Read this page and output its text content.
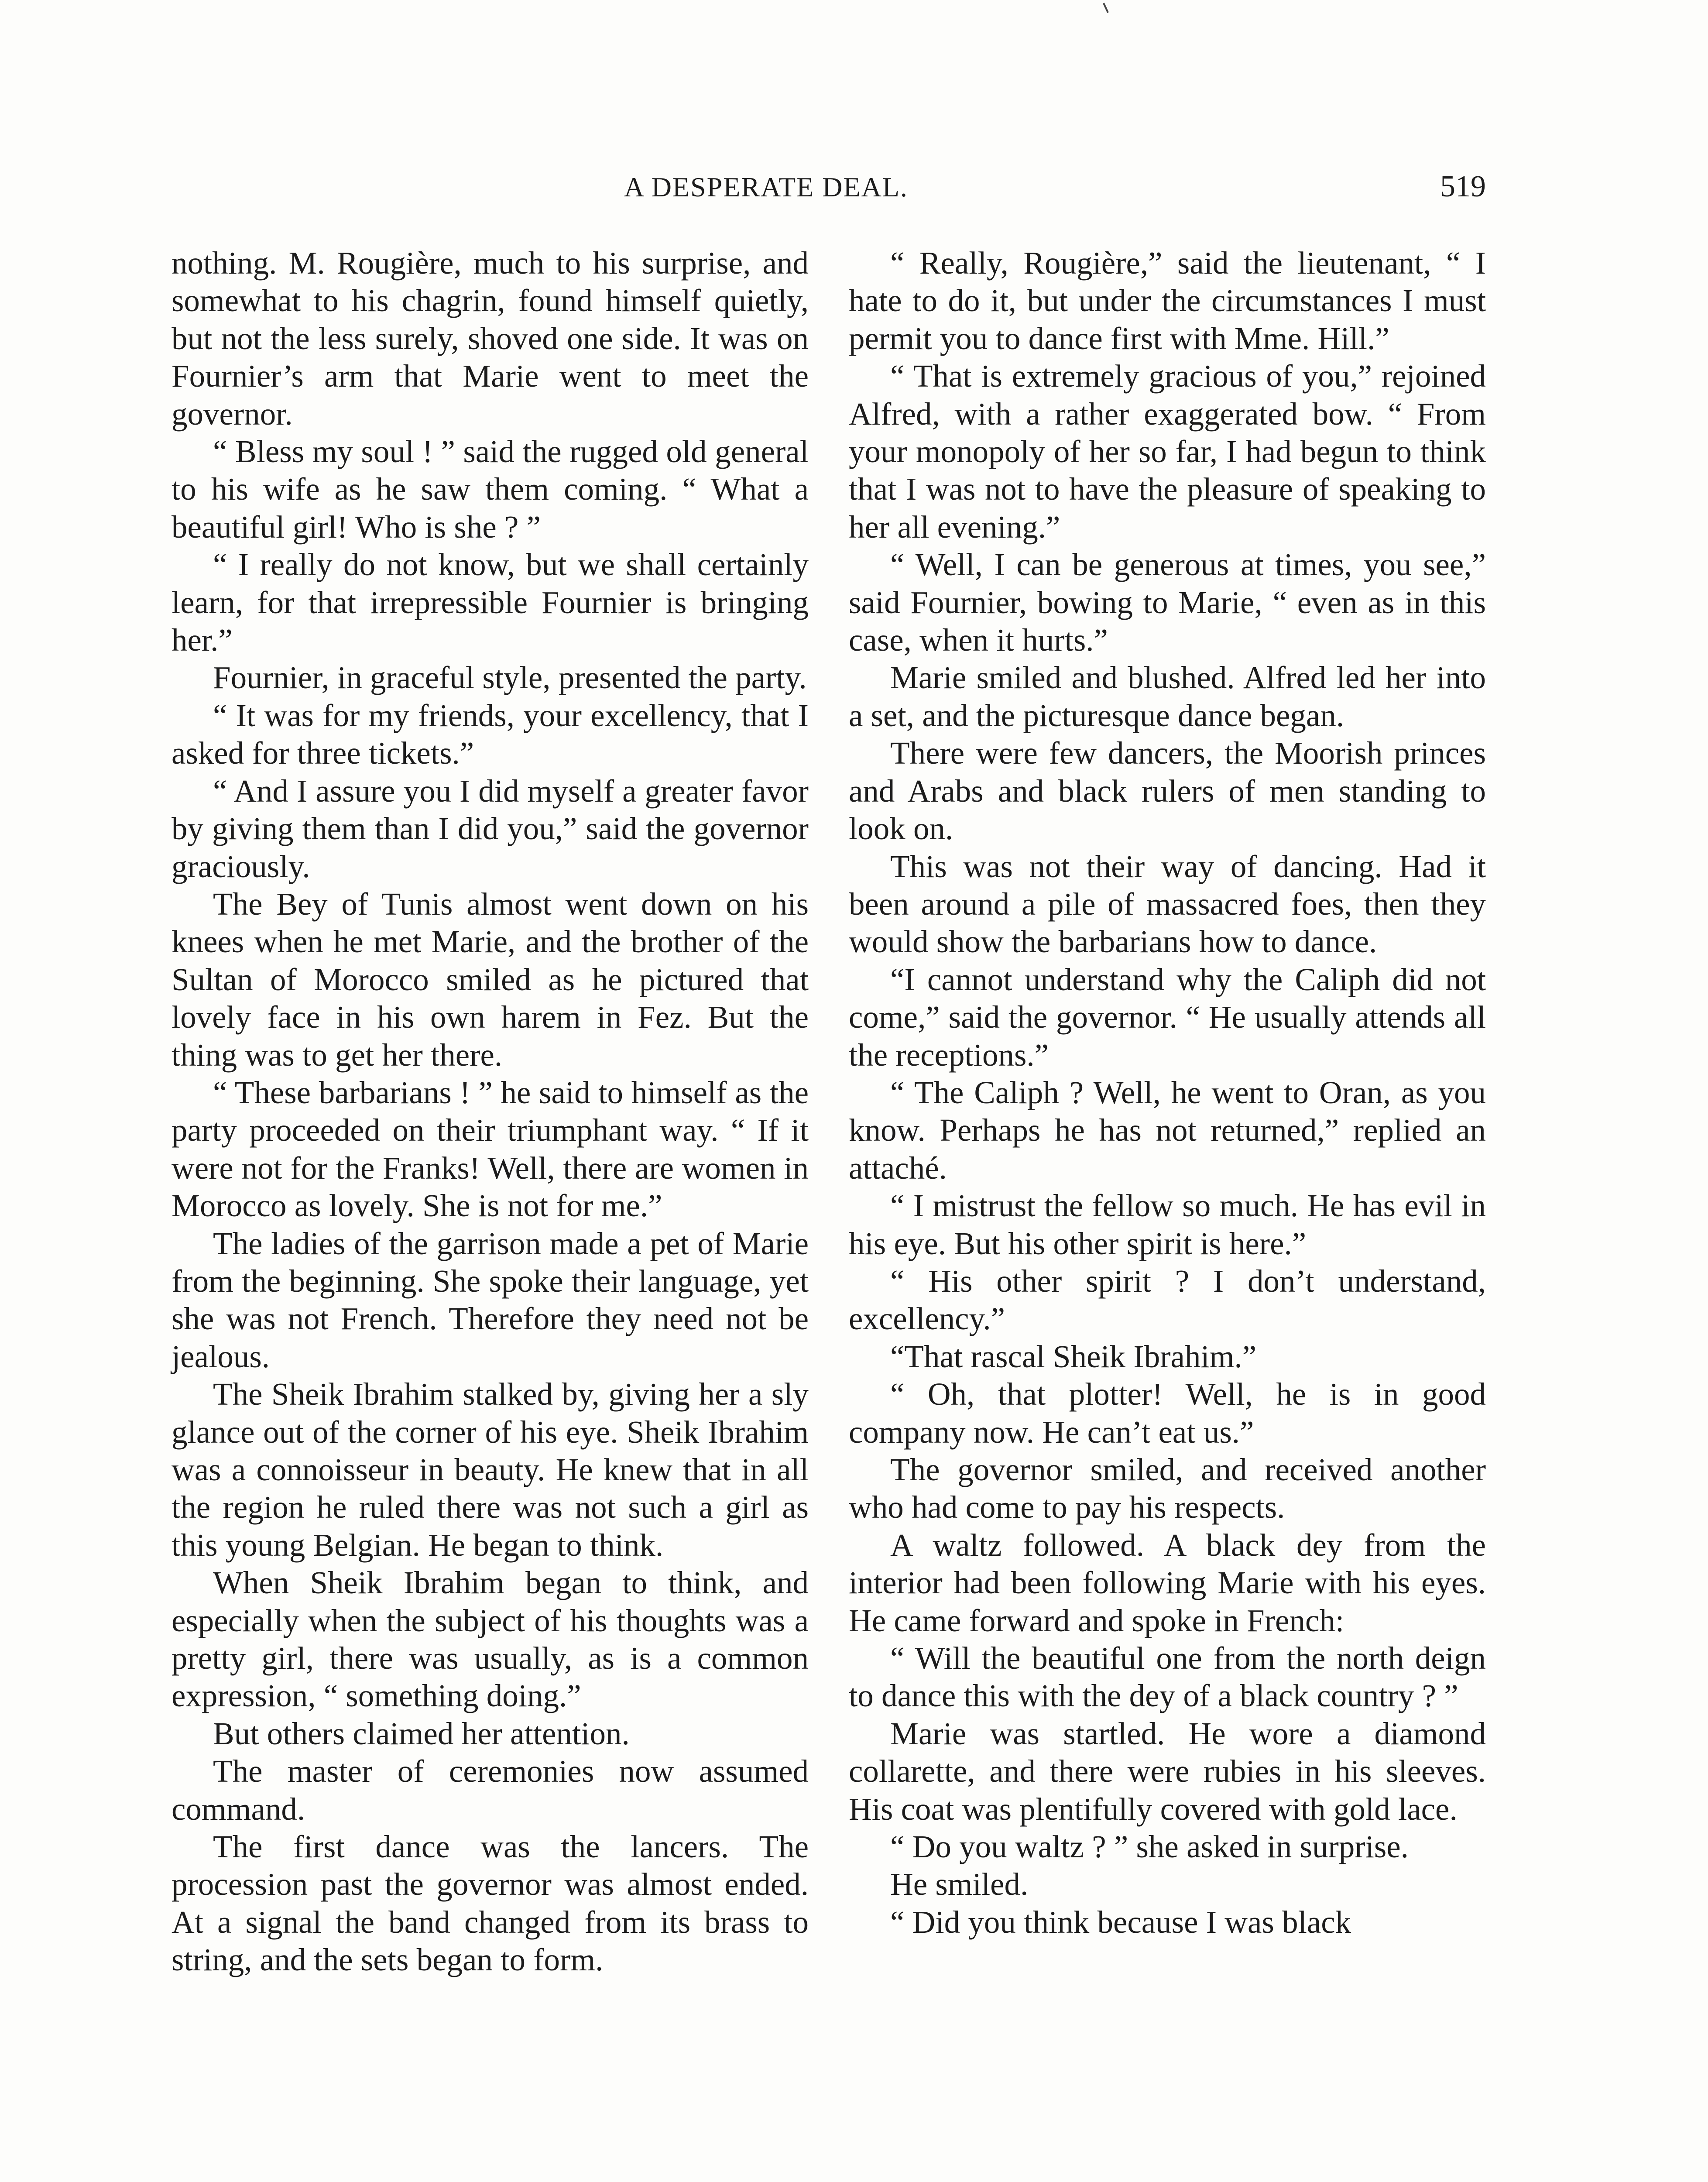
A DESPERATE DEAL.	519

nothing. M. Rougière, much to his surprise, and somewhat to his chagrin, found himself quietly, but not the less surely, shoved one side. It was on Fournier’s arm that Marie went to meet the governor.

“ Bless my soul ! ” said the rugged old general to his wife as he saw them coming. “ What a beautiful girl! Who is she ? ”

“ I really do not know, but we shall certainly learn, for that irrepressible Fournier is bringing her.”

Fournier, in graceful style, presented the party.

“ It was for my friends, your excellency, that I asked for three tickets.”

“ And I assure you I did myself a greater favor by giving them than I did you,” said the governor graciously.

The Bey of Tunis almost went down on his knees when he met Marie, and the brother of the Sultan of Morocco smiled as he pictured that lovely face in his own harem in Fez. But the thing was to get her there.

“ These barbarians ! ” he said to himself as the party proceeded on their triumphant way. “ If it were not for the Franks! Well, there are women in Morocco as lovely. She is not for me.”

The ladies of the garrison made a pet of Marie from the beginning. She spoke their language, yet she was not French. Therefore they need not be jealous.

The Sheik Ibrahim stalked by, giving her a sly glance out of the corner of his eye. Sheik Ibrahim was a connoisseur in beauty. He knew that in all the region he ruled there was not such a girl as this young Belgian. He began to think.

When Sheik Ibrahim began to think, and especially when the subject of his thoughts was a pretty girl, there was usually, as is a common expression, “ something doing.”

But others claimed her attention.

The master of ceremonies now assumed command.

The first dance was the lancers. The procession past the governor was almost ended. At a signal the band changed from its brass to string, and the sets began to form.

“ Really, Rougière,” said the lieutenant, “ I hate to do it, but under the circumstances I must permit you to dance first with Mme. Hill.”

“ That is extremely gracious of you,” rejoined Alfred, with a rather exaggerated bow. “ From your monopoly of her so far, I had begun to think that I was not to have the pleasure of speaking to her all evening.”

“ Well, I can be generous at times, you see,” said Fournier, bowing to Marie, “ even as in this case, when it hurts.”

Marie smiled and blushed. Alfred led her into a set, and the picturesque dance began.

There were few dancers, the Moorish princes and Arabs and black rulers of men standing to look on.

This was not their way of dancing. Had it been around a pile of massacred foes, then they would show the barbarians how to dance.

“I cannot understand why the Caliph did not come,” said the governor. “ He usually attends all the receptions.”

“ The Caliph ? Well, he went to Oran, as you know. Perhaps he has not returned,” replied an attaché.

“ I mistrust the fellow so much. He has evil in his eye. But his other spirit is here.”

“ His other spirit ? I don’t understand, excellency.”

“That rascal Sheik Ibrahim.”

“ Oh, that plotter! Well, he is in good company now. He can’t eat us.”

The governor smiled, and received another who had come to pay his respects.

A waltz followed. A black dey from the interior had been following Marie with his eyes. He came forward and spoke in French:

“ Will the beautiful one from the north deign to dance this with the dey of a black country ? ”

Marie was startled. He wore a diamond collarette, and there were rubies in his sleeves. His coat was plentifully covered with gold lace.

“ Do you waltz ? ” she asked in surprise.

He smiled.

“ Did you think because I was black
